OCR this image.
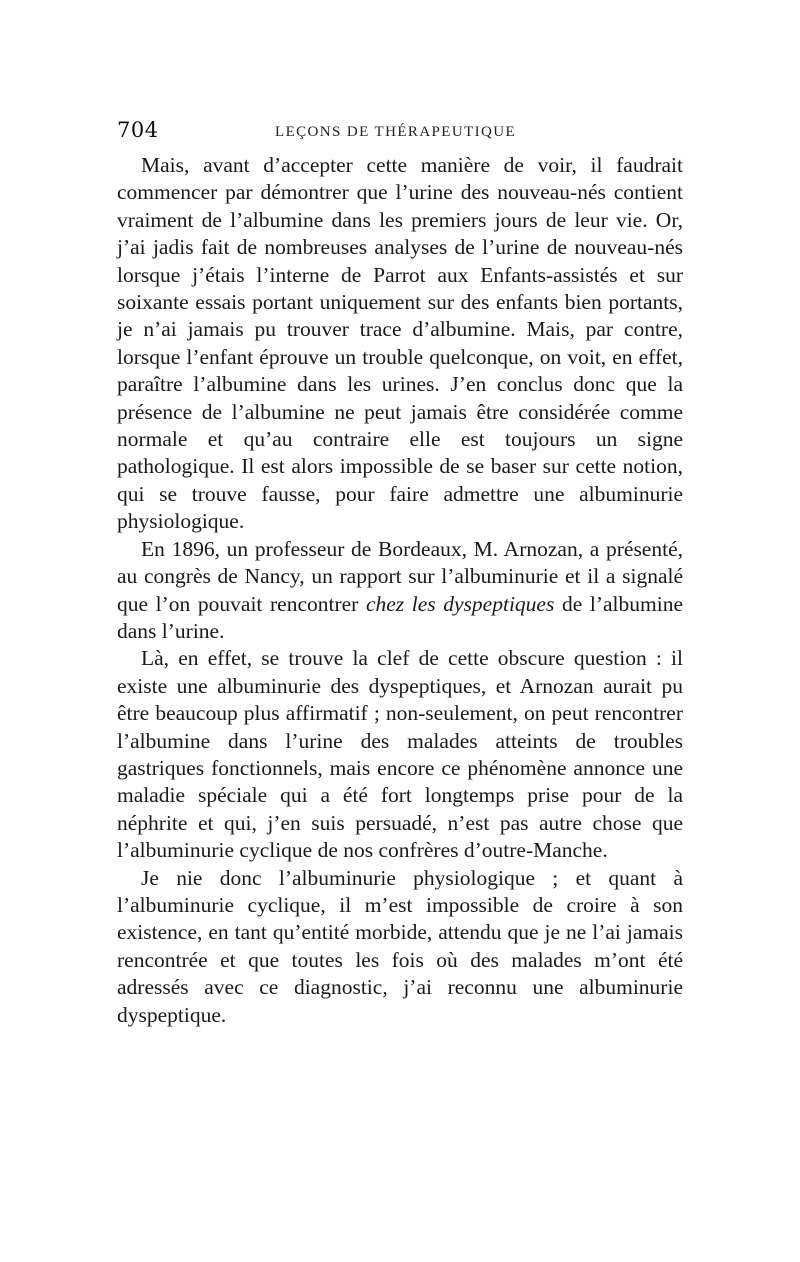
704	LEÇONS DE THÉRAPEUTIQUE

Mais, avant d’accepter cette manière de voir, il faudrait commencer par démontrer que l’urine des nouveau-nés contient vraiment de l’albumine dans les premiers jours de leur vie. Or, j’ai jadis fait de nombreuses analyses de l’urine de nouveau-nés lorsque j’étais l’interne de Parrot aux Enfants-assistés et sur soixante essais portant uniquement sur des enfants bien portants, je n’ai jamais pu trouver trace d’albumine. Mais, par contre, lorsque l’enfant éprouve un trouble quelconque, on voit, en effet, paraître l’albumine dans les urines. J’en conclus donc que la présence de l’albumine ne peut jamais être considérée comme normale et qu’au contraire elle est toujours un signe pathologique. Il est alors impossible de se baser sur cette notion, qui se trouve fausse, pour faire admettre une albuminurie physiologique.

En 1896, un professeur de Bordeaux, M. Arnozan, a présenté, au congrès de Nancy, un rapport sur l’albuminurie et il a signalé que l’on pouvait rencontrer chez les dyspeptiques de l’albumine dans l’urine.

Là, en effet, se trouve la clef de cette obscure question : il existe une albuminurie des dyspeptiques, et Arnozan aurait pu être beaucoup plus affirmatif ; non-seulement, on peut rencontrer l’albumine dans l’urine des malades atteints de troubles gastriques fonctionnels, mais encore ce phénomène annonce une maladie spéciale qui a été fort longtemps prise pour de la néphrite et qui, j’en suis persuadé, n’est pas autre chose que l’albuminurie cyclique de nos confrères d’outre-Manche.

Je nie donc l’albuminurie physiologique ; et quant à l’albuminurie cyclique, il m’est impossible de croire à son existence, en tant qu’entité morbide, attendu que je ne l’ai jamais rencontrée et que toutes les fois où des malades m’ont été adressés avec ce diagnostic, j’ai reconnu une albuminurie dyspeptique.
